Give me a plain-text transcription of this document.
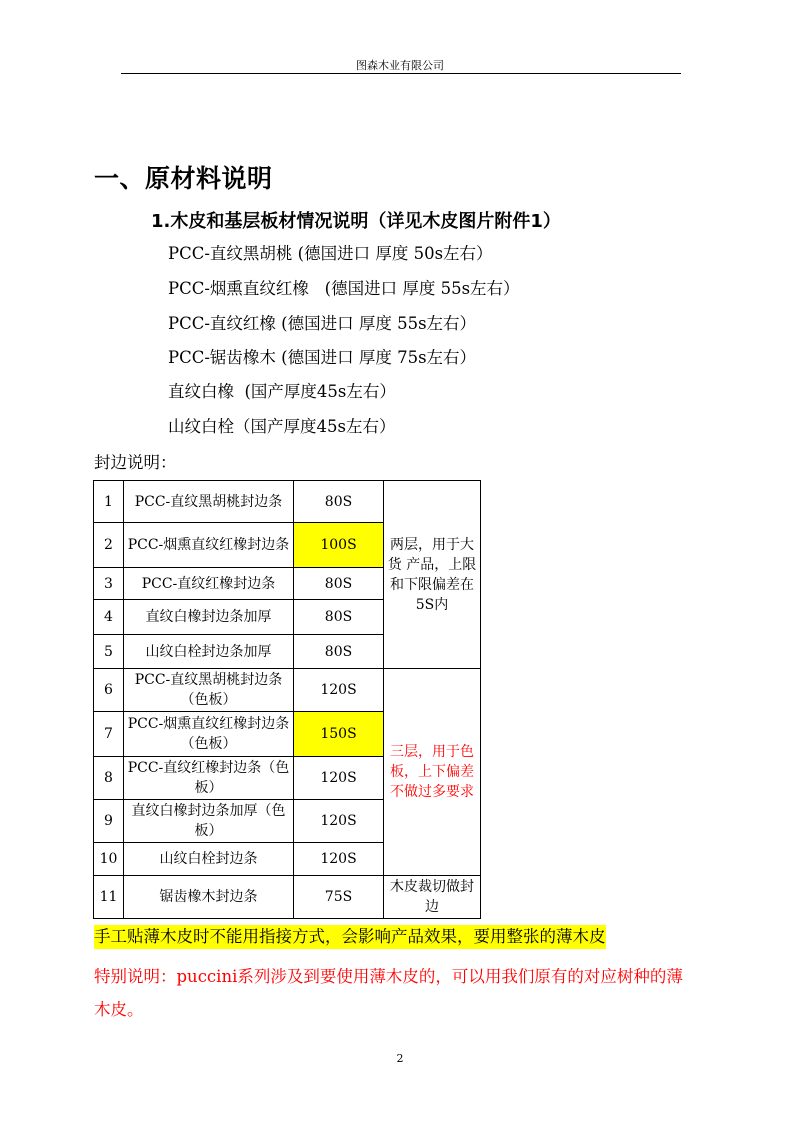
图森木业有限公司
一、原材料说明
1.木皮和基层板材情况说明（详见木皮图片附件1）
PCC-直纹黑胡桃 (德国进口 厚度 50s左右）
PCC-烟熏直纹红橡   (德国进口 厚度 55s左右）
PCC-直纹红橡 (德国进口 厚度 55s左右）
PCC-锯齿橡木 (德国进口 厚度 75s左右）
直纹白橡  (国产厚度45s左右）
山纹白栓（国产厚度45s左右）
封边说明：
1	PCC-直纹黑胡桃封边条	80S	两层，用于大货 产品，上限和下限偏差在5S内
2	PCC-烟熏直纹红橡封边条	100S	
3	PCC-直纹红橡封边条	80S	
4	直纹白橡封边条加厚	80S	
5	山纹白栓封边条加厚	80S	
6	PCC-直纹黑胡桃封边条（色板）	120S	三层，用于色板，上下偏差不做过多要求
7	PCC-烟熏直纹红橡封边条（色板）	150S	
8	PCC-直纹红橡封边条（色板）	120S	
9	直纹白橡封边条加厚（色板）	120S	
10	山纹白栓封边条	120S	
11	锯齿橡木封边条	75S	木皮裁切做封边
手工贴薄木皮时不能用指接方式，会影响产品效果，要用整张的薄木皮
特别说明：puccini系列涉及到要使用薄木皮的，可以用我们原有的对应树种的薄木皮。
2
